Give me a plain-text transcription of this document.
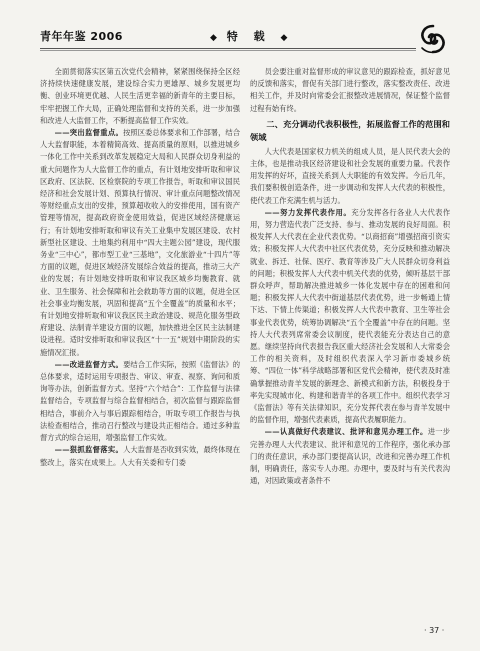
青年年鉴 2006	◆ 特 载 ◆

全面贯彻落实区第五次党代会精神，紧紧围绕保持全区经济持续快速健康发展，建设综合实力更雄厚、城乡发展更均衡、创业环境更优越、人民生活更幸福的新青年的主要目标，牢牢把握工作大局，正确处理监督和支持的关系，进一步加强和改进人大监督工作，不断提高监督工作实效。

——突出监督重点。按照区委总体要求和工作部署，结合人大监督职能，本着精简高效、提高质量的原则，以推进城乡一体化工作中关系到改革发展稳定大局和人民群众切身利益的重大问题作为人大监督工作的重点，有计划地安排听取和审议区政府、区法院、区检察院的专项工作报告，听取和审议国民经济和社会发展计划、预算执行情况、审计重点问题整改情况等财经重点支出的安排，预算超收收入的安排使用，国有资产管理等情况，提高政府资金使用效益，促进区域经济健康运行；有计划地安排听取和审议有关工业集中发展区建设、农村新型社区建设、土地集约利用中“四大主题公园”建设，现代服务业“三中心”，都市型工业“三基地”，文化旅游业“十四片”等方面的议题，促进区域经济发展综合效益的提高，推动三大产业的发展；有计划地安排听取和审议我区城乡均衡教育、就业、卫生服务、社会保障和社会救助等方面的议题，促进全区社会事业均衡发展，巩固和提高“五个全覆盖”的质量和水平；有计划地安排听取和审议我区民主政治建设、规范化服务型政府建设、法制青羊建设方面的议题，加快推进全区民主法制建设进程。适时安排听取和审议我区“十一五”规划中期阶段的实施情况汇报。

——改进监督方式。要结合工作实际，按照《监督法》的总体要求，适时运用专项报告、审议、审查、视察、询问和质询等办法，创新监督方式。坚持“六个结合”：工作监督与法律监督结合，专项监督与综合监督相结合，初次监督与跟踪监督相结合，事前介入与事后跟踪相结合，听取专项工作报告与执法检查相结合，推动召行整改与建设共正相结合。通过多种监督方式的综合运用，增强监督工作实效。

——狠抓监督落实。人大监督是否收到实效，最终体现在整改上，落实在成果上。人大有关委和专门委

员会要注重对监督形成的审议意见的跟踪检查，抓好意见的反馈和落实，督促有关部门进行整改，落实整改责任、改进相关工作，并及时向常委会汇报整改进展情况，保证整个监督过程有始有终。

二、充分调动代表积极性，拓展监督工作的范围和领域

人大代表是国家权力机关的组成人员，是人民代表大会的主体，也是推动我区经济建设和社会发展的重要力量。代表作用发挥的好坏，直接关系到人大职能的有效发挥。今后几年，我们要积极创造条件，进一步调动和发挥人大代表的积极性，使代表工作充满生机与活力。

——努力发挥代表作用。充分发挥各行各业人大代表作用，努力营造代表广泛支持、参与、推动发展的良好局面。积极发挥人大代表在企业代表优势。“以商招商”增强招商引资实效；积极发挥人大代表中社区代表优势，充分反映和推动解决就业、拆迁、社保、医疗、教育等涉及广大人民群众切身利益的问题；积极发挥人大代表中机关代表的优势，倾听基层干部群众呼声，帮助解决推进城乡一体化发展中存在的困难和问题；积极发挥人大代表中街道基层代表优势，进一步畅通上情下达、下情上传渠道；积极发挥人大代表中教育、卫生等社会事业代表优势，统筹协调解决“五个全覆盖”中存在的问题。坚持人大代表列席常委会议制度，使代表能充分表达自己的意愿。继续坚持向代表报告我区重大经济社会发展和人大常委会工作的相关资料，及时组织代表深入学习新市委城乡统筹、“四位一体”科学战略部署和区党代会精神，使代表及时准确掌握推动青羊发展的新理念、新模式和新方法，积极投身于率先实现城市化、构建和谐青羊的各项工作中。组织代表学习《监督法》等有关法律知识，充分发挥代表在参与青羊发展中的监督作用，增强代表素质，提高代表履职能力。

——认真做好代表建议、批评和意见办理工作。进一步完善办理人大代表建议、批评和意见的工作程序，强化承办部门的责任意识，承办部门要提高认识，改进和完善办理工作机制，明确责任，落实专人办理。办理中，要及时与有关代表沟通，对因政策或者条件不

· 37 ·
